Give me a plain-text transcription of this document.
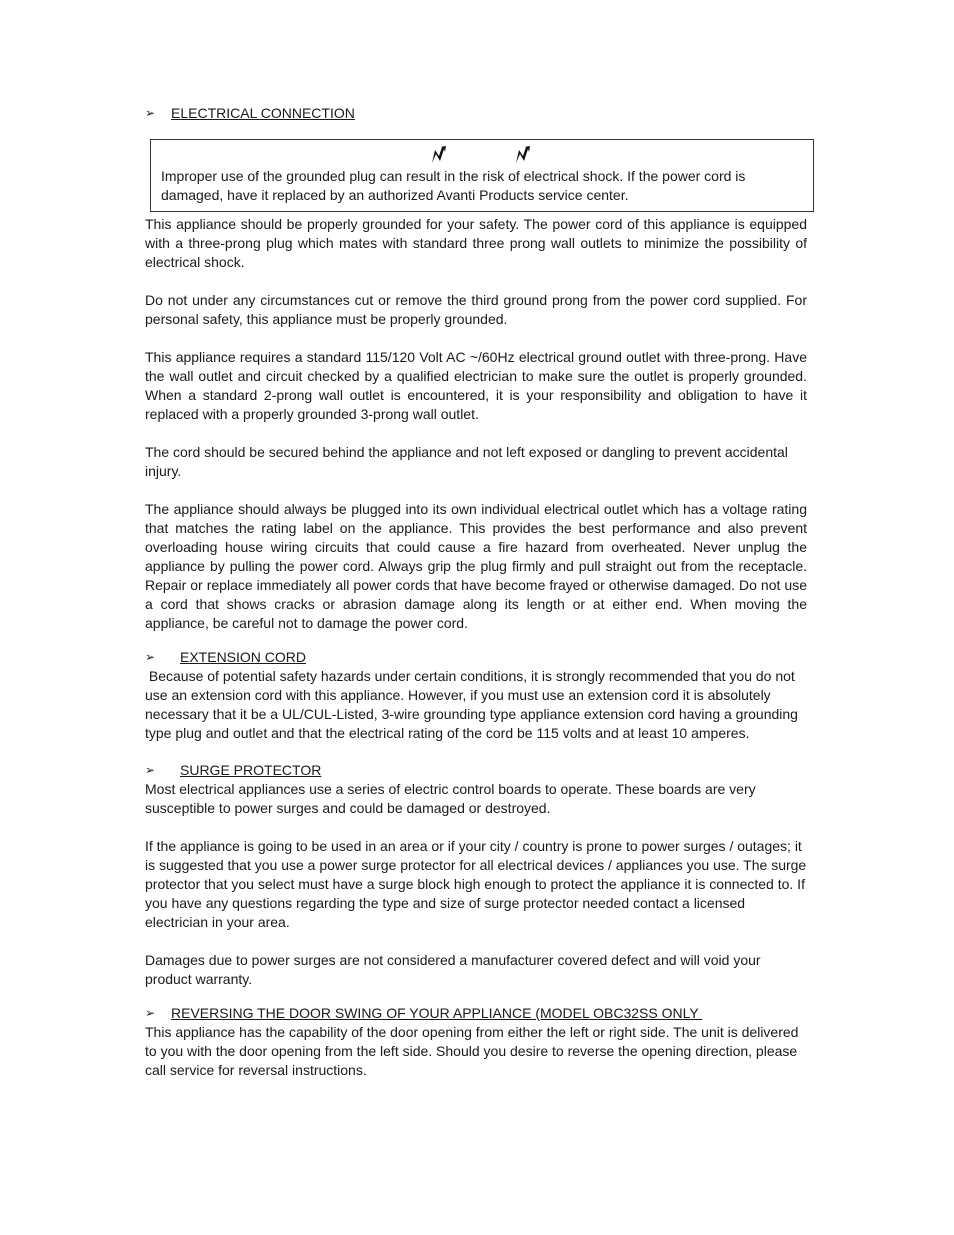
➢ ELECTRICAL CONNECTION

Improper use of the grounded plug can result in the risk of electrical shock. If the power cord is damaged, have it replaced by an authorized Avanti Products service center.

This appliance should be properly grounded for your safety. The power cord of this appliance is equipped with a three-prong plug which mates with standard three prong wall outlets to minimize the possibility of electrical shock.

Do not under any circumstances cut or remove the third ground prong from the power cord supplied. For personal safety, this appliance must be properly grounded.

This appliance requires a standard 115/120 Volt AC ~/60Hz electrical ground outlet with three-prong. Have the wall outlet and circuit checked by a qualified electrician to make sure the outlet is properly grounded. When a standard 2-prong wall outlet is encountered, it is your responsibility and obligation to have it replaced with a properly grounded 3-prong wall outlet.

The cord should be secured behind the appliance and not left exposed or dangling to prevent accidental injury.

The appliance should always be plugged into its own individual electrical outlet which has a voltage rating that matches the rating label on the appliance. This provides the best performance and also prevent overloading house wiring circuits that could cause a fire hazard from overheated. Never unplug the appliance by pulling the power cord. Always grip the plug firmly and pull straight out from the receptacle. Repair or replace immediately all power cords that have become frayed or otherwise damaged. Do not use a cord that shows cracks or abrasion damage along its length or at either end. When moving the appliance, be careful not to damage the power cord.

➢ EXTENSION CORD

Because of potential safety hazards under certain conditions, it is strongly recommended that you do not use an extension cord with this appliance. However, if you must use an extension cord it is absolutely necessary that it be a UL/CUL-Listed, 3-wire grounding type appliance extension cord having a grounding type plug and outlet and that the electrical rating of the cord be 115 volts and at least 10 amperes.

➢ SURGE PROTECTOR

Most electrical appliances use a series of electric control boards to operate. These boards are very susceptible to power surges and could be damaged or destroyed.

If the appliance is going to be used in an area or if your city / country is prone to power surges / outages; it is suggested that you use a power surge protector for all electrical devices / appliances you use. The surge protector that you select must have a surge block high enough to protect the appliance it is connected to. If you have any questions regarding the type and size of surge protector needed contact a licensed electrician in your area.

Damages due to power surges are not considered a manufacturer covered defect and will void your product warranty.

➢ REVERSING THE DOOR SWING OF YOUR APPLIANCE (MODEL OBC32SS ONLY

This appliance has the capability of the door opening from either the left or right side. The unit is delivered to you with the door opening from the left side. Should you desire to reverse the opening direction, please call service for reversal instructions.
